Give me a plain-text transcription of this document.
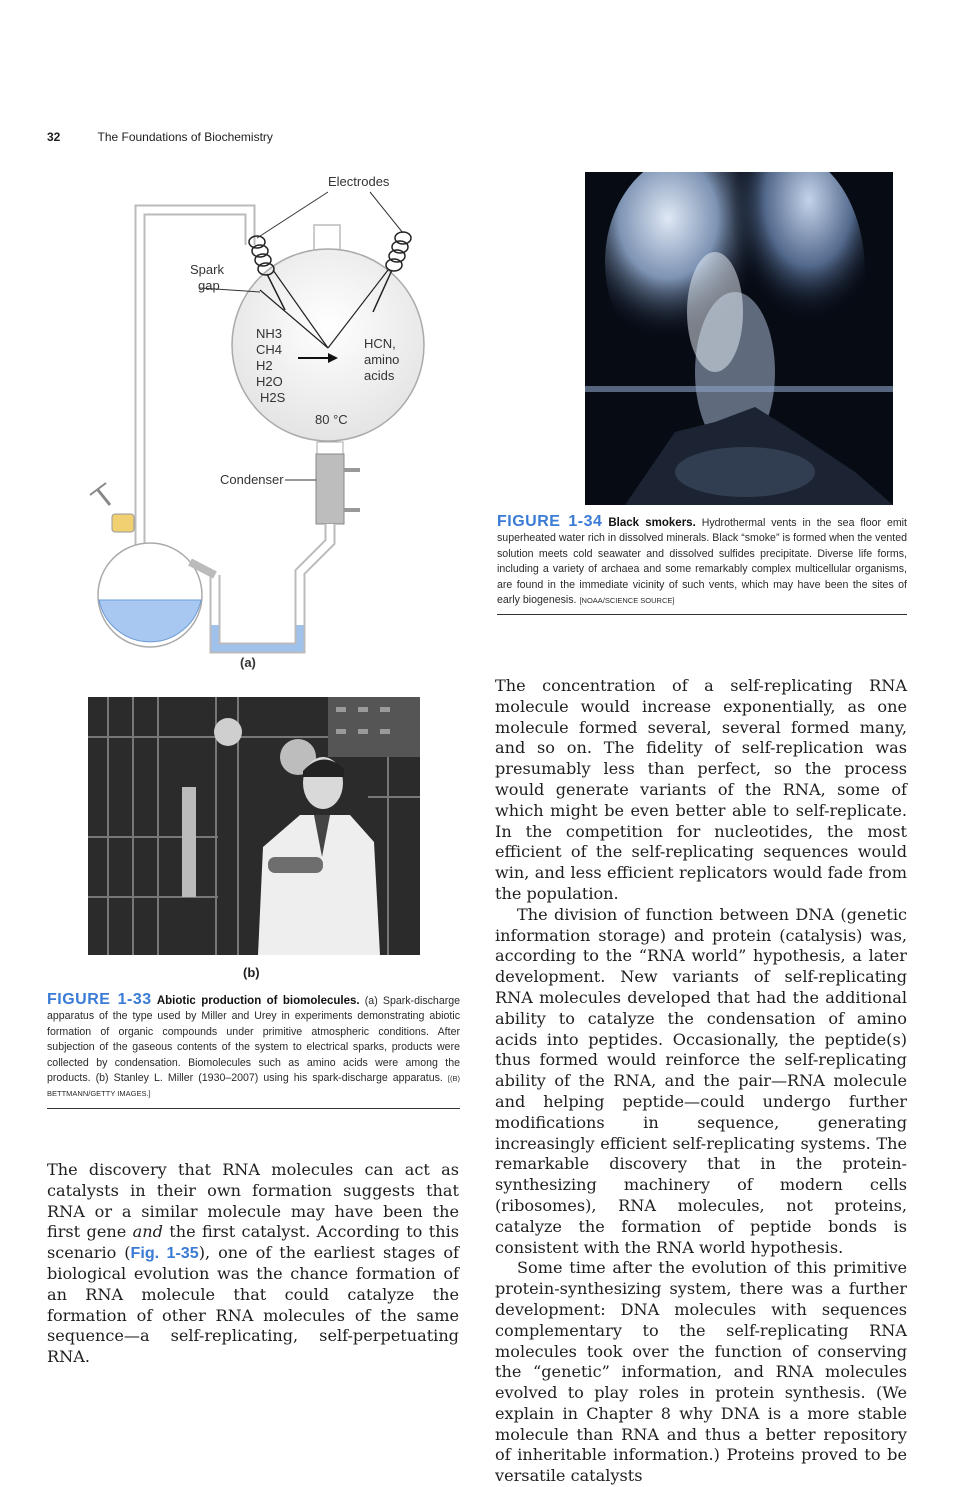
32	The Foundations of Biochemistry
Electrodes
Spark
gap
NH3
CH4
H2
H2O
H2S
HCN,
amino
acids
80 °C
Condenser
(a)
FIGURE 1-34 Black smokers. Hydrothermal vents in the sea floor emit superheated water rich in dissolved minerals. Black “smoke” is formed when the vented solution meets cold seawater and dissolved sulfides precipitate. Diverse life forms, including a variety of archaea and some remarkably complex multicellular organisms, are found in the immediate vicinity of such vents, which may have been the sites of early biogenesis. [NOAA/SCIENCE SOURCE]
(b)
FIGURE 1-33 Abiotic production of biomolecules. (a) Spark-discharge apparatus of the type used by Miller and Urey in experiments demonstrating abiotic formation of organic compounds under primitive atmospheric conditions. After subjection of the gaseous contents of the system to electrical sparks, products were collected by condensation. Biomolecules such as amino acids were among the products. (b) Stanley L. Miller (1930–2007) using his spark-discharge apparatus. [(B) BETTMANN/GETTY IMAGES.]

The concentration of a self-replicating RNA molecule would increase exponentially, as one molecule formed several, several formed many, and so on. The fidelity of self-replication was presumably less than perfect, so the process would generate variants of the RNA, some of which might be even better able to self-replicate. In the competition for nucleotides, the most efficient of the self-replicating sequences would win, and less efficient replicators would fade from the population.

The division of function between DNA (genetic information storage) and protein (catalysis) was, according to the “RNA world” hypothesis, a later development. New variants of self-replicating RNA molecules developed that had the additional ability to catalyze the condensation of amino acids into peptides. Occasionally, the peptide(s) thus formed would reinforce the self-replicating ability of the RNA, and the pair—RNA molecule and helping peptide—could undergo further modifications in sequence, generating increasingly efficient self-replicating systems. The remarkable discovery that in the protein-synthesizing machinery of modern cells (ribosomes), RNA molecules, not proteins, catalyze the formation of peptide bonds is consistent with the RNA world hypothesis.

Some time after the evolution of this primitive protein-synthesizing system, there was a further development: DNA molecules with sequences complementary to the self-replicating RNA molecules took over the function of conserving the “genetic” information, and RNA molecules evolved to play roles in protein synthesis. (We explain in Chapter 8 why DNA is a more stable molecule than RNA and thus a better repository of inheritable information.) Proteins proved to be versatile catalysts

The discovery that RNA molecules can act as catalysts in their own formation suggests that RNA or a similar molecule may have been the first gene and the first catalyst. According to this scenario (Fig. 1-35), one of the earliest stages of biological evolution was the chance formation of an RNA molecule that could catalyze the formation of other RNA molecules of the same sequence—a self-replicating, self-perpetuating RNA.
